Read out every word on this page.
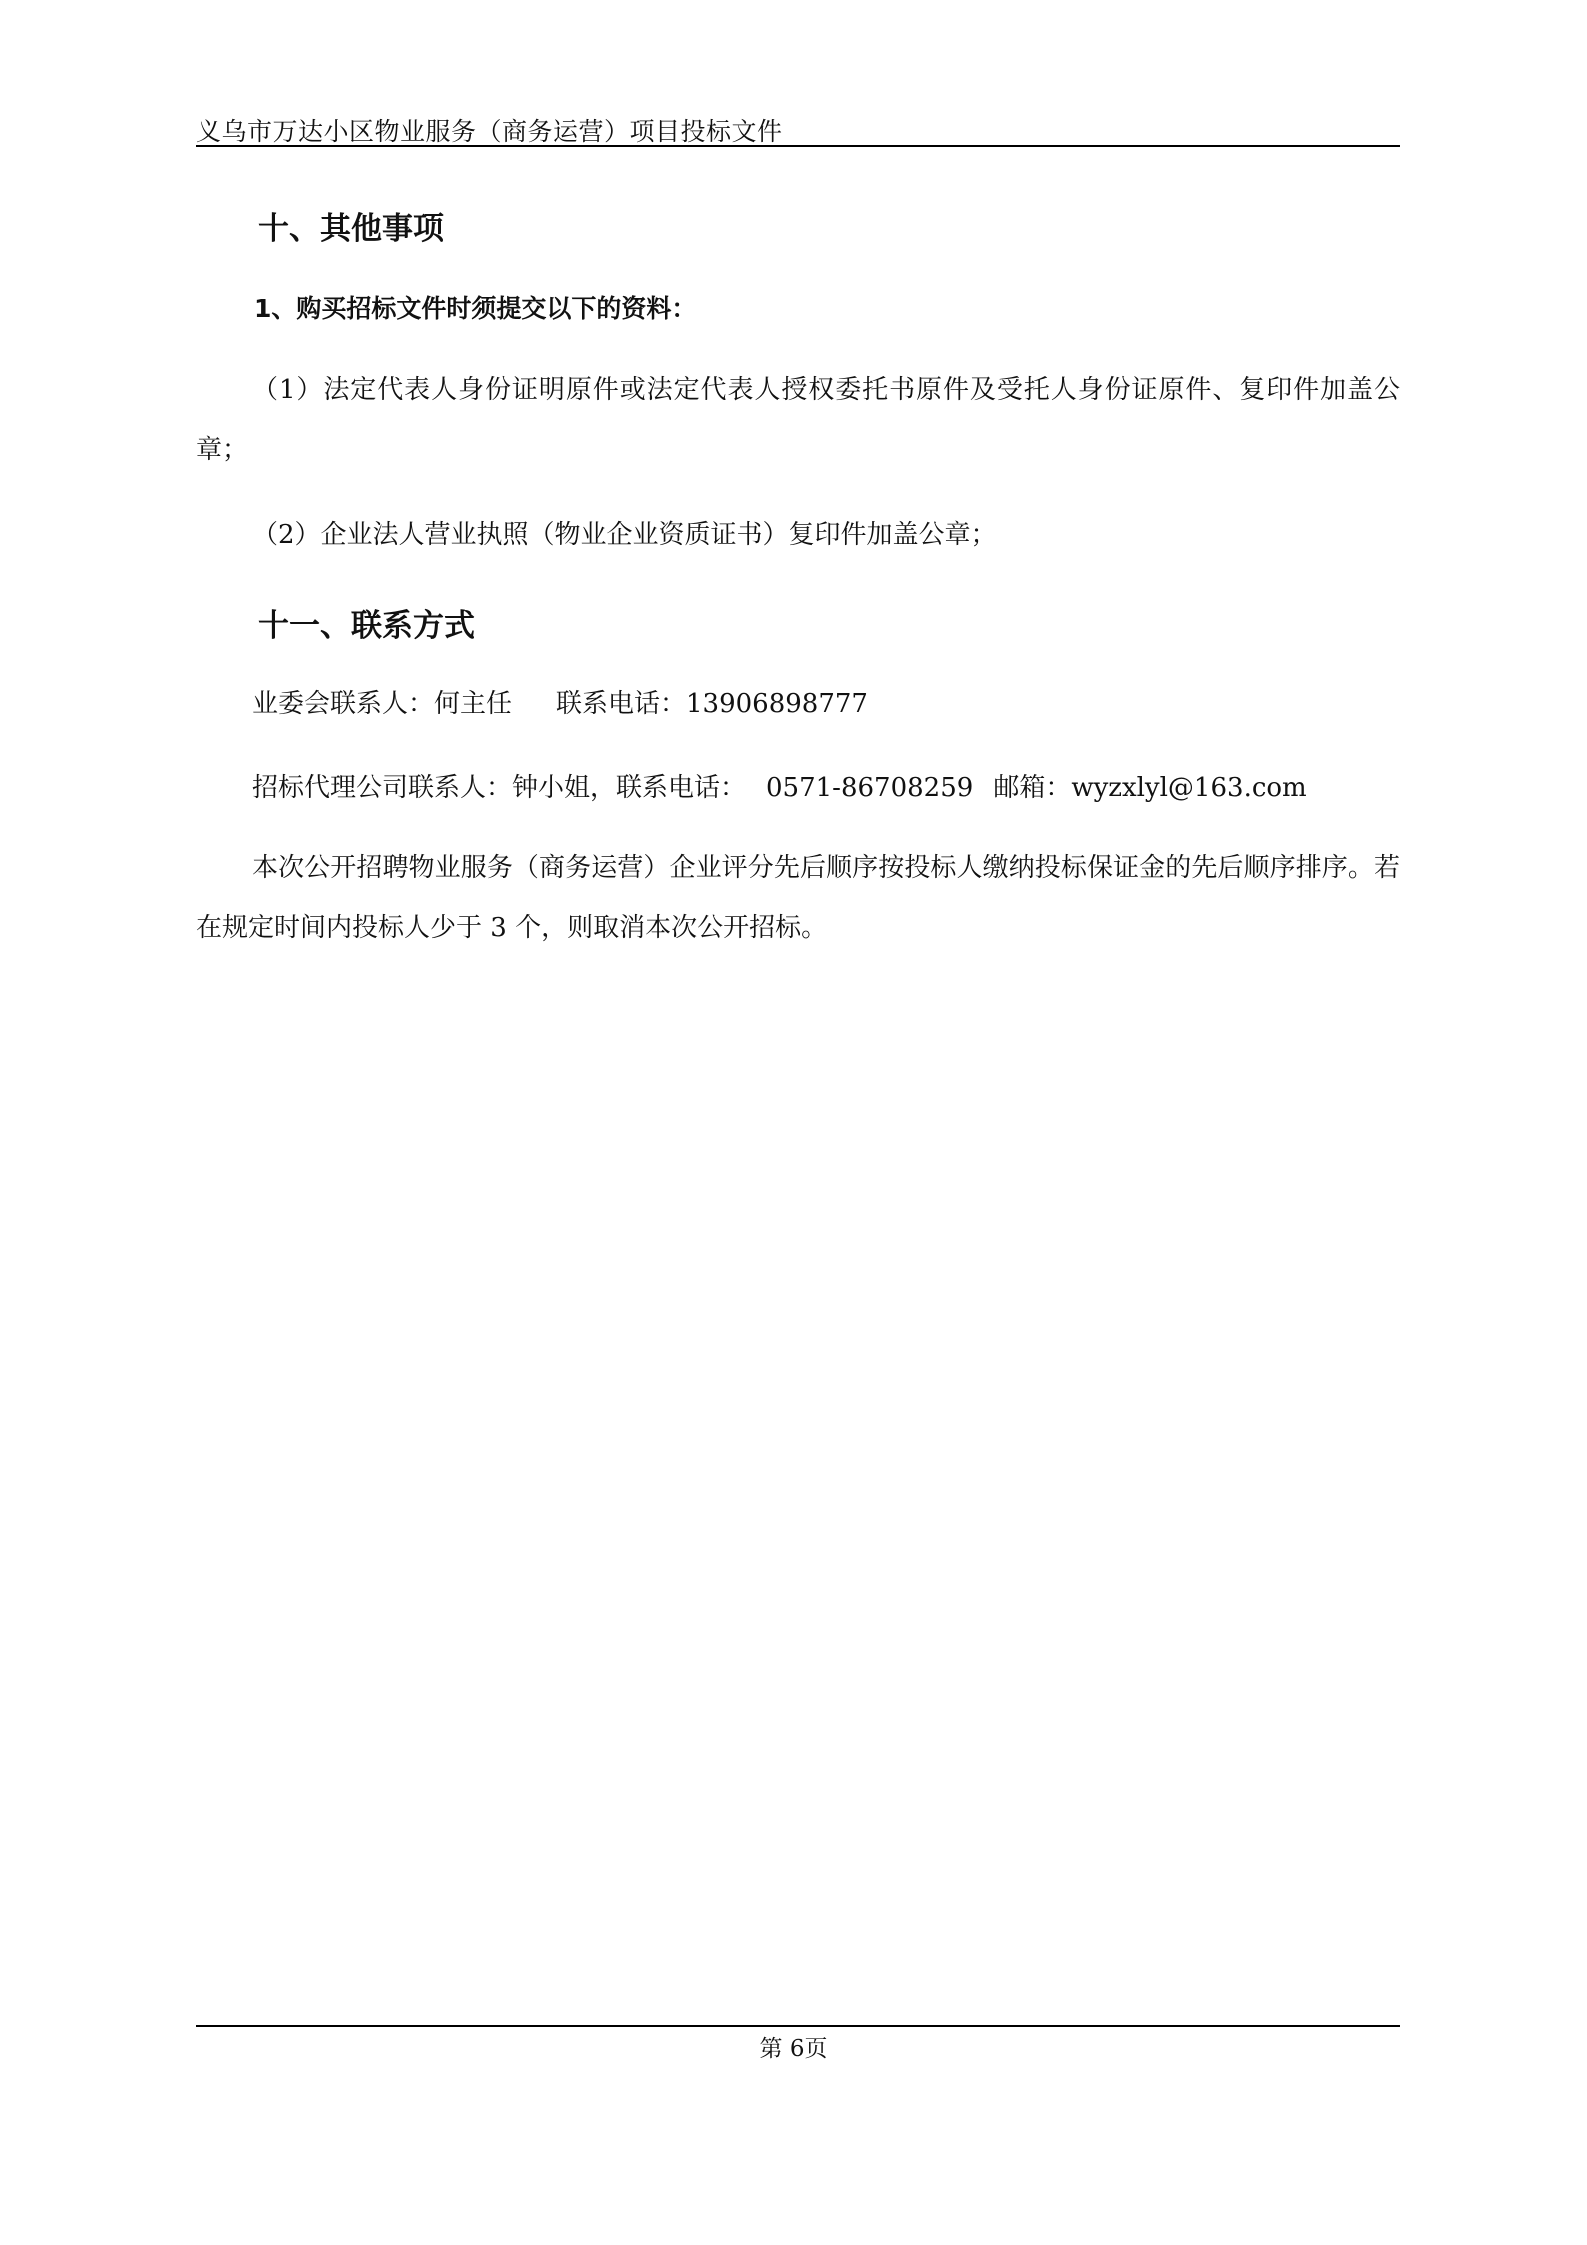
义乌市万达小区物业服务（商务运营）项目投标文件
十、其他事项
1、购买招标文件时须提交以下的资料：

（1）法定代表人身份证明原件或法定代表人授权委托书原件及受托人身份证原件、复印件加盖公章；

（2）企业法人营业执照（物业企业资质证书）复印件加盖公章；

十一、联系方式
业委会联系人：何主任 联系电话：13906898777
招标代理公司联系人：钟小姐，联系电话： 0571-86708259 邮箱：wyzxlyl@163.com

本次公开招聘物业服务（商务运营）企业评分先后顺序按投标人缴纳投标保证金的先后顺序排序。若在规定时间内投标人少于 3 个，则取消本次公开招标。

第 6页
